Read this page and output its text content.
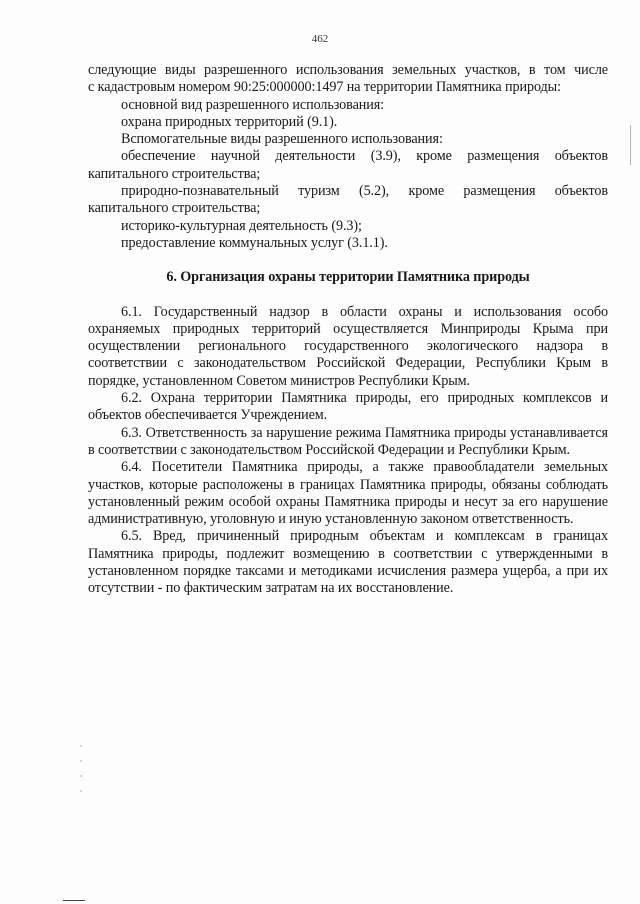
462

следующие виды разрешенного использования земельных участков, в том числе

с кадастровым номером 90:25:000000:1497 на территории Памятника природы:

основной вид разрешенного использования:

охрана природных территорий (9.1).

Вспомогательные виды разрешенного использования:

обеспечение научной деятельности (3.9), кроме размещения объектов капитального строительства;

природно-познавательный туризм (5.2), кроме размещения объектов капитального строительства;

историко-культурная деятельность (9.3);

предоставление коммунальных услуг (3.1.1).

6. Организация охраны территории Памятника природы

6.1. Государственный надзор в области охраны и использования особо охраняемых природных территорий осуществляется Минприроды Крыма при осуществлении регионального государственного экологического надзора в соответствии с законодательством Российской Федерации, Республики Крым в порядке, установленном Советом министров Республики Крым.

6.2. Охрана территории Памятника природы, его природных комплексов и объектов обеспечивается Учреждением.

6.3. Ответственность за нарушение режима Памятника природы устанавливается в соответствии с законодательством Российской Федерации и Республики Крым.

6.4. Посетители Памятника природы, а также правообладатели земельных участков, которые расположены в границах Памятника природы, обязаны соблюдать установленный режим особой охраны Памятника природы и несут за его нарушение административную, уголовную и иную установленную законом ответственность.

6.5. Вред, причиненный природным объектам и комплексам в границах Памятника природы, подлежит возмещению в соответствии с утвержденными в установленном порядке таксами и методиками исчисления размера ущерба, а при их отсутствии - по фактическим затратам на их восстановление.
